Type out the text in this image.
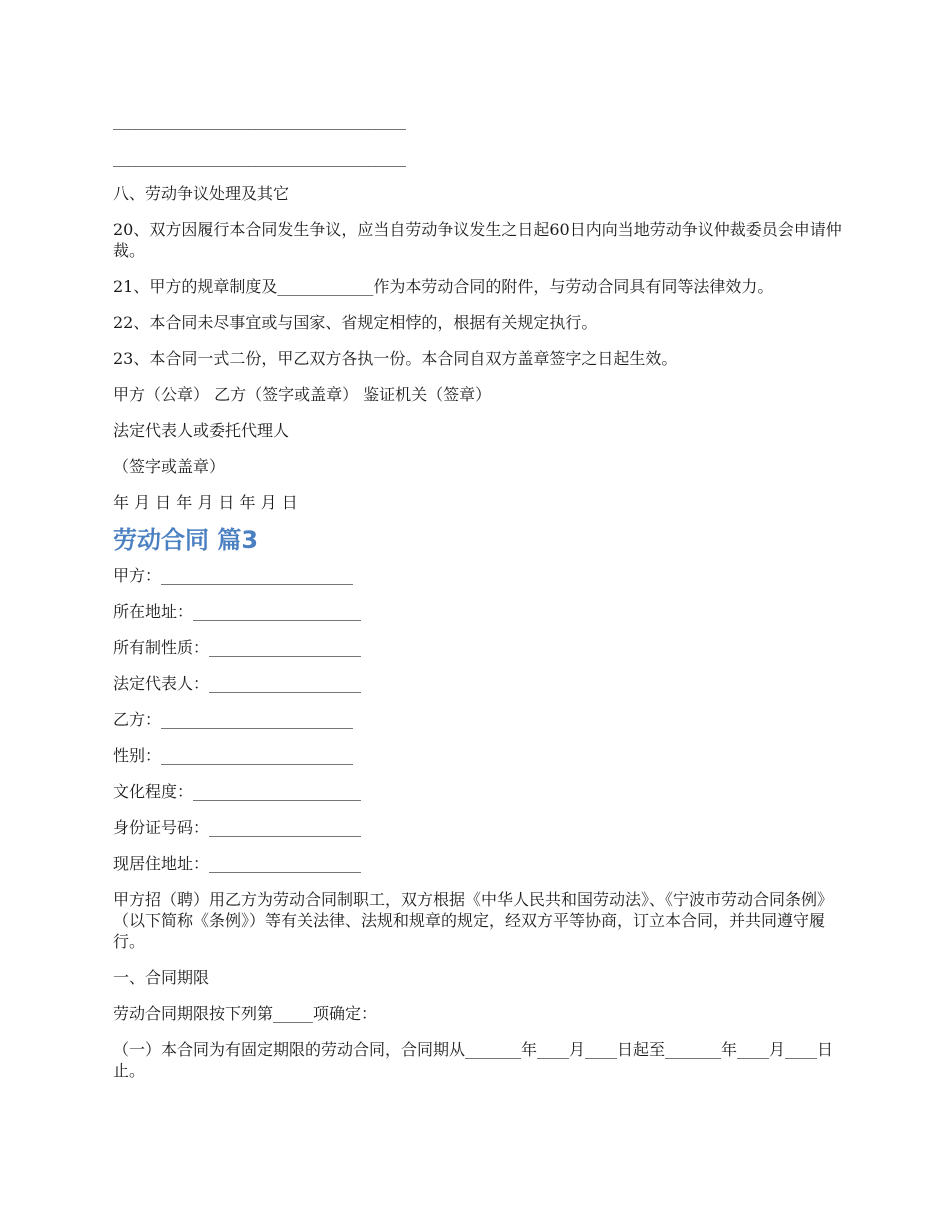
_______________________________________

_______________________________________

八、劳动争议处理及其它

20、双方因履行本合同发生争议，应当自劳动争议发生之日起60日内向当地劳动争议仲裁委员会申请仲裁。

21、甲方的规章制度及____________作为本劳动合同的附件，与劳动合同具有同等法律效力。

22、本合同未尽事宜或与国家、省规定相悖的，根据有关规定执行。

23、本合同一式二份，甲乙双方各执一份。本合同自双方盖章签字之日起生效。

甲方（公章） 乙方（签字或盖章） 鉴证机关（签章）

法定代表人或委托代理人

（签字或盖章）

年 月 日 年 月 日 年 月 日

劳动合同 篇3

甲方：________________________

所在地址：_____________________

所有制性质：___________________

法定代表人：___________________

乙方：________________________

性别：________________________

文化程度：_____________________

身份证号码：___________________

现居住地址：___________________

甲方招（聘）用乙方为劳动合同制职工，双方根据《中华人民共和国劳动法》、《宁波市劳动合同条例》（以下简称《条例》）等有关法律、法规和规章的规定，经双方平等协商，订立本合同，并共同遵守履行。

一、合同期限

劳动合同期限按下列第_____项确定：

（一）本合同为有固定期限的劳动合同，合同期从_______年____月____日起至_______年____月____日止。
